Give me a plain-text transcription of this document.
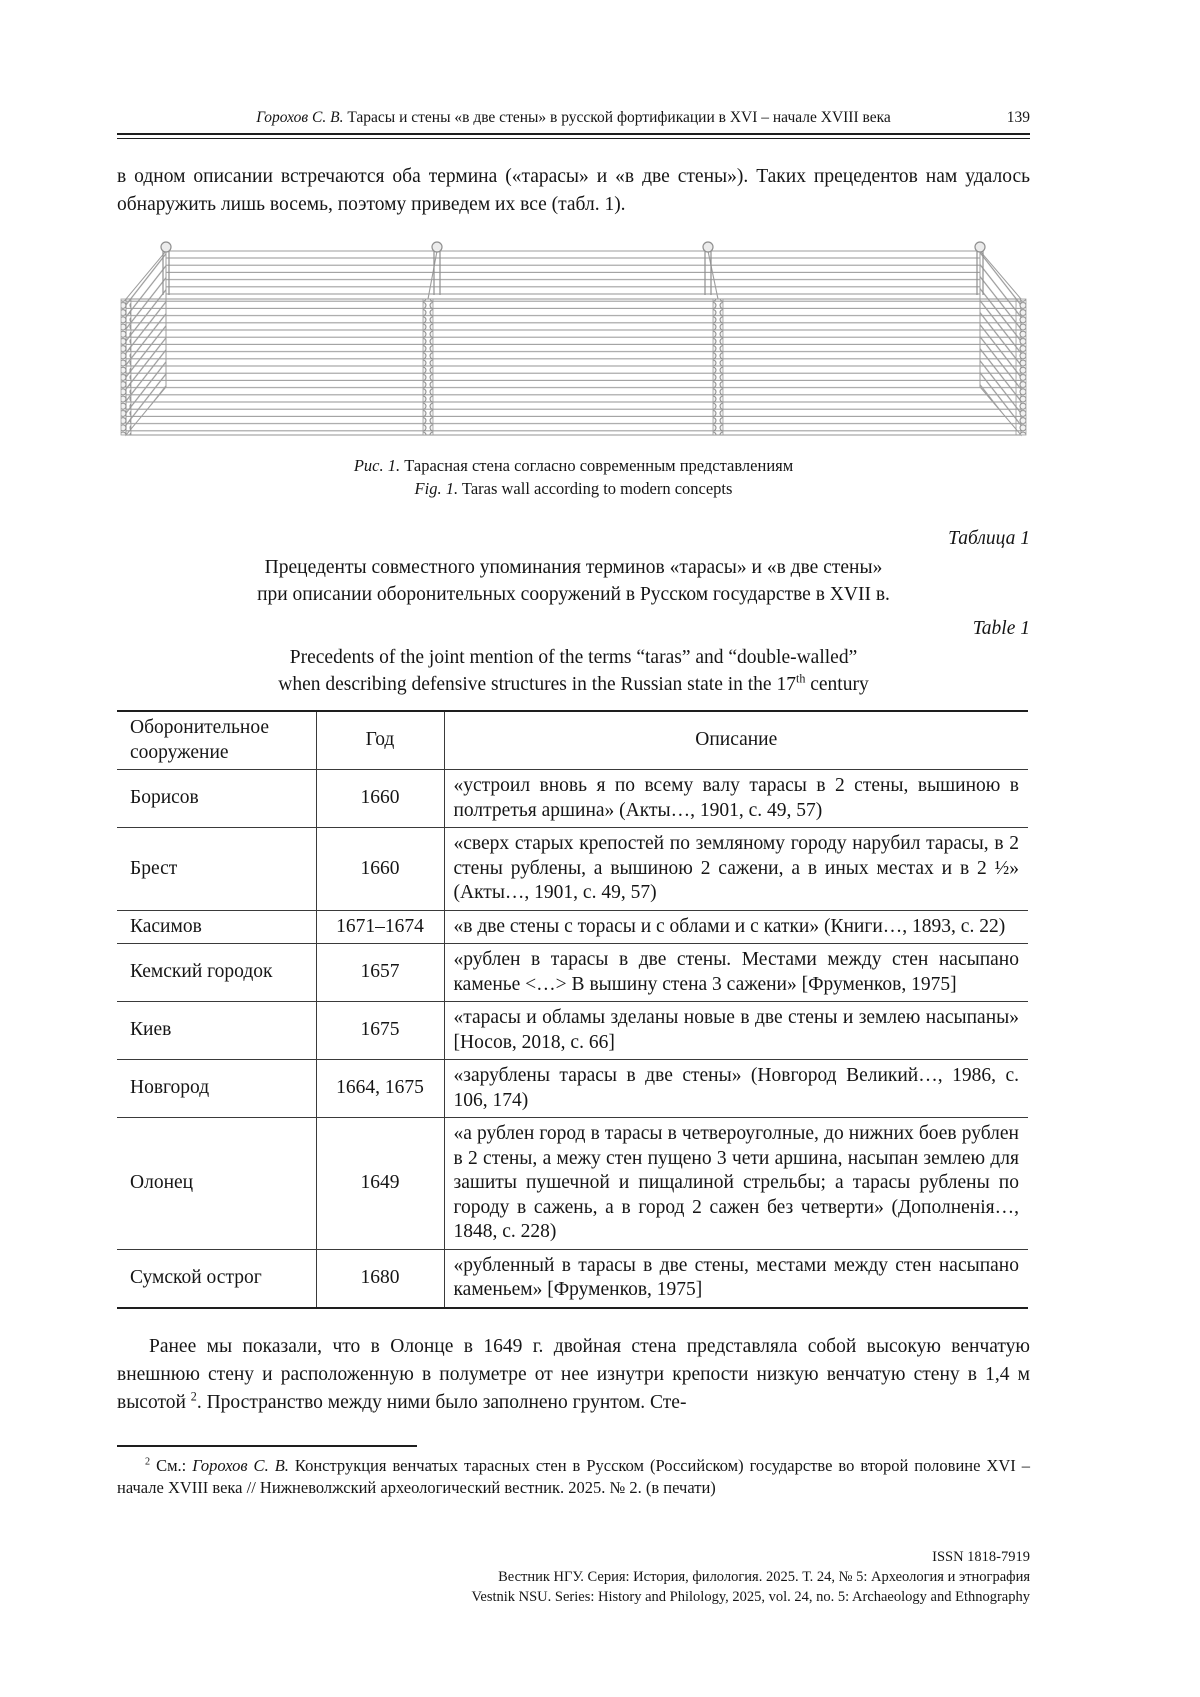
Горохов С. В. Тарасы и стены «в две стены» в русской фортификации в XVI – начале XVIII века	139

в одном описании встречаются оба термина («тарасы» и «в две стены»). Таких прецедентов нам удалось обнаружить лишь восемь, поэтому приведем их все (табл. 1).

Рис. 1. Тарасная стена согласно современным представлениям
Fig. 1. Taras wall according to modern concepts
Таблица 1
Прецеденты совместного упоминания терминов «тарасы» и «в две стены»
при описании оборонительных сооружений в Русском государстве в XVII в.
Table 1
Precedents of the joint mention of the terms “taras” and “double-walled”
when describing defensive structures in the Russian state in the 17th century
Оборонительное сооружение	Год	Описание
Борисов	1660	«устроил вновь я по всему валу тарасы в 2 стены, вышиною в полтретья аршина» (Акты…, 1901, с. 49, 57)
Брест	1660	«сверх старых крепостей по земляному городу нарубил тарасы, в 2 стены рублены, а вышиною 2 сажени, а в иных местах и в 2 ½» (Акты…, 1901, с. 49, 57)
Касимов	1671–1674	«в две стены с торасы и с облами и с катки» (Книги…, 1893, с. 22)
Кемский городок	1657	«рублен в тарасы в две стены. Местами между стен насыпано каменье <…> В вышину стена 3 сажени» [Фруменков, 1975]
Киев	1675	«тарасы и обламы зделаны новые в две стены и землею насыпаны» [Носов, 2018, с. 66]
Новгород	1664, 1675	«зарублены тарасы в две стены» (Новгород Великий…, 1986, с. 106, 174)
Олонец	1649	«а рублен город в тарасы в четвероуголные, до нижних боев рублен в 2 стены, а межу стен пущено 3 чети аршина, насыпан землею для зашиты пушечной и пищалиной стрельбы; а тарасы рублены по городу в сажень, а в город 2 сажен без четверти» (Дополненія…, 1848, с. 228)
Сумской острог	1680	«рубленный в тарасы в две стены, местами между стен насыпано каменьем» [Фруменков, 1975]

Ранее мы показали, что в Олонце в 1649 г. двойная стена представляла собой высокую венчатую внешнюю стену и расположенную в полуметре от нее изнутри крепости низкую венчатую стену в 1,4 м высотой $^2$. Пространство между ними было заполнено грунтом. Сте-

$^2$ См.: Горохов С. В. Конструкция венчатых тарасных стен в Русском (Российском) государстве во второй половине XVI – начале XVIII века // Нижневолжский археологический вестник. 2025. № 2. (в печати)

ISSN 1818-7919
Вестник НГУ. Серия: История, филология. 2025. Т. 24, № 5: Археология и этнография
Vestnik NSU. Series: History and Philology, 2025, vol. 24, no. 5: Archaeology and Ethnography
